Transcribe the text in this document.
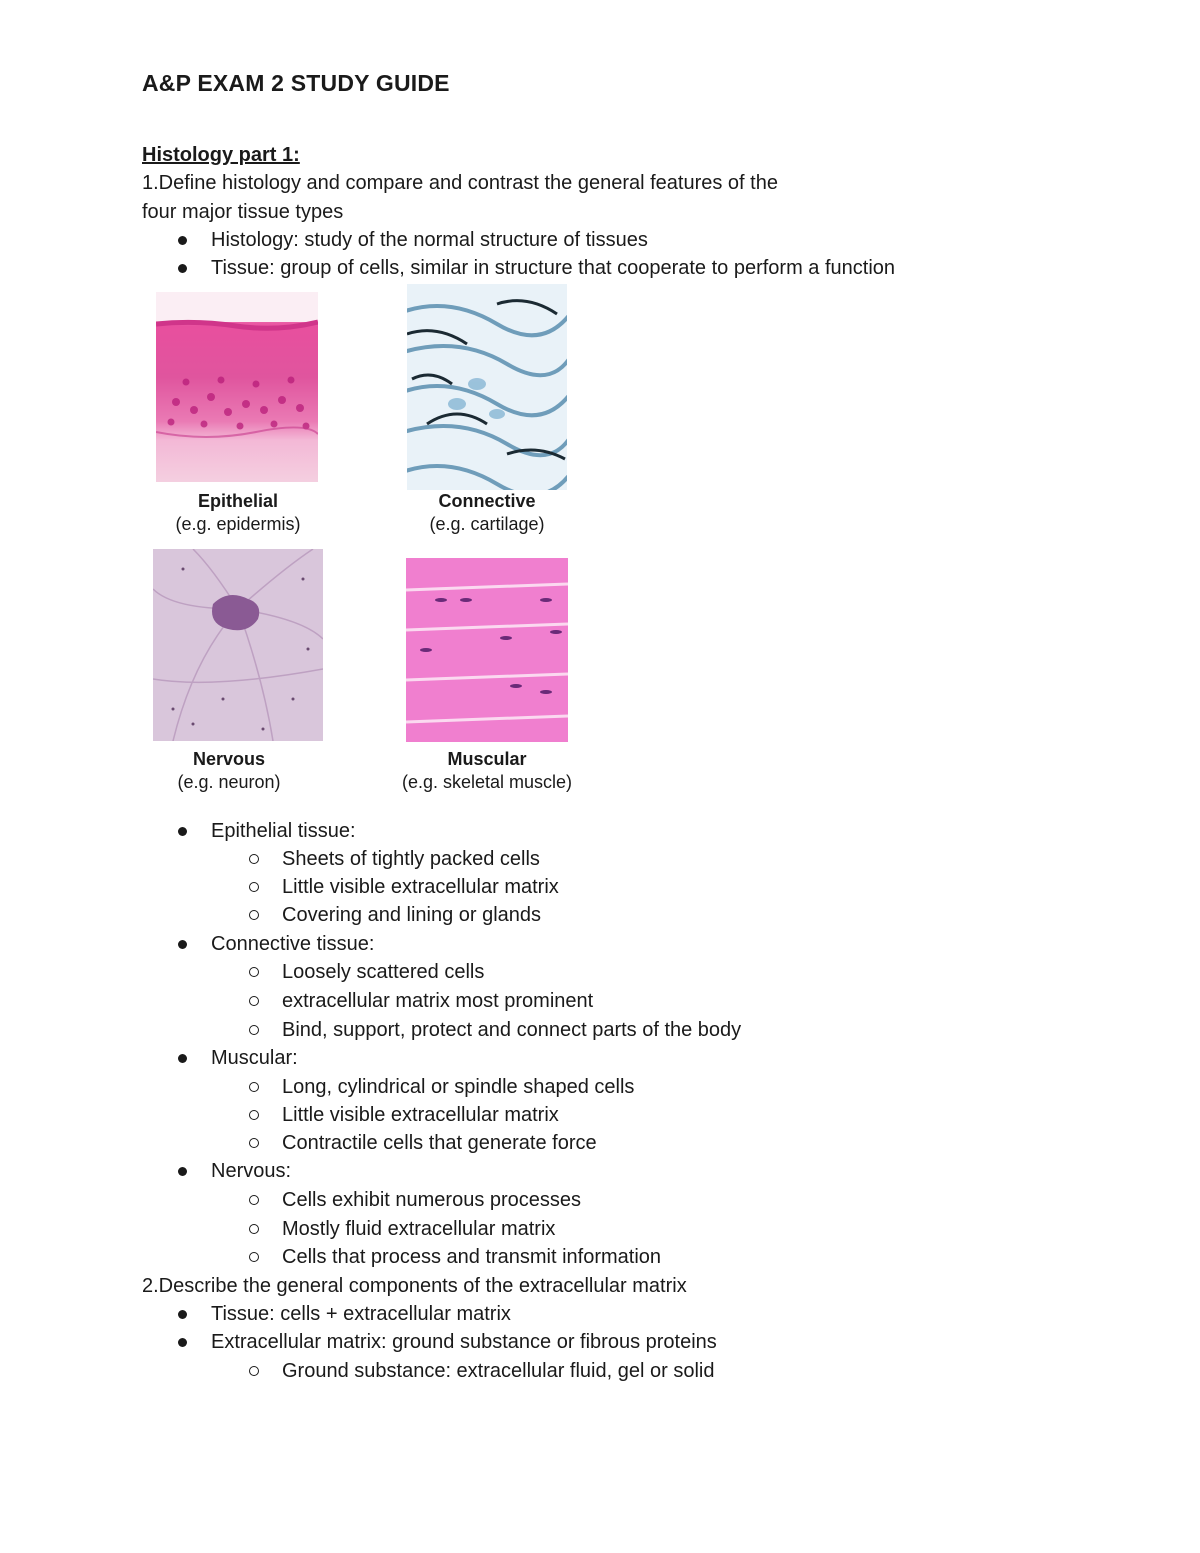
A&P EXAM 2 STUDY GUIDE
Histology part 1:
1.Define histology and compare and contrast the general features of the
four major tissue types
Histology: study of the normal structure of tissues
Tissue: group of cells, similar in structure that cooperate to perform a function
Epithelial
(e.g. epidermis)
Connective
(e.g. cartilage)
Nervous
(e.g. neuron)
Muscular
(e.g. skeletal muscle)
Epithelial tissue:
Sheets of tightly packed cells
Little visible extracellular matrix
Covering and lining or glands
Connective tissue:
Loosely scattered cells
extracellular matrix most prominent
Bind, support, protect and connect parts of the body
Muscular:
Long, cylindrical or spindle shaped cells
Little visible extracellular matrix
Contractile cells that generate force
Nervous:
Cells exhibit numerous processes
Mostly fluid extracellular matrix
Cells that process and transmit information
2.Describe the general components of the extracellular matrix
Tissue: cells + extracellular matrix
Extracellular matrix: ground substance or fibrous proteins
Ground substance: extracellular fluid, gel or solid
